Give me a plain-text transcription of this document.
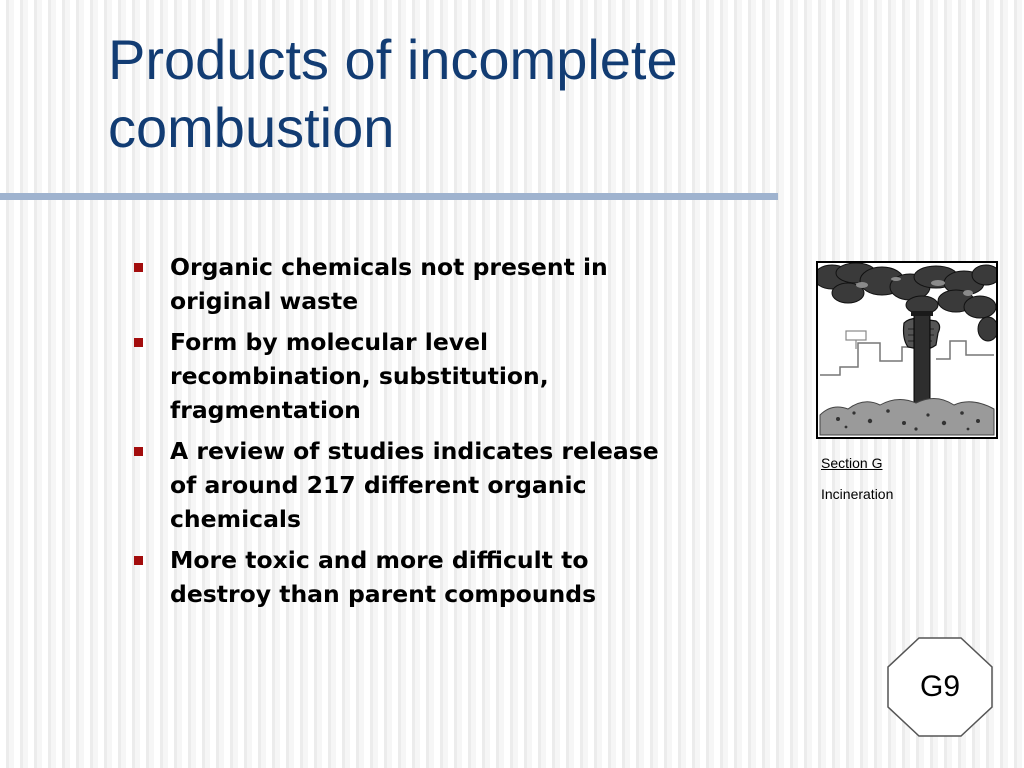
Products of incomplete
combustion
Organic chemicals not present in
original waste
Form by molecular level
recombination, substitution,
fragmentation
A review of studies indicates release
of around 217 different organic
chemicals
More toxic and more difficult to
destroy than parent compounds

Section G

Incineration

G9
